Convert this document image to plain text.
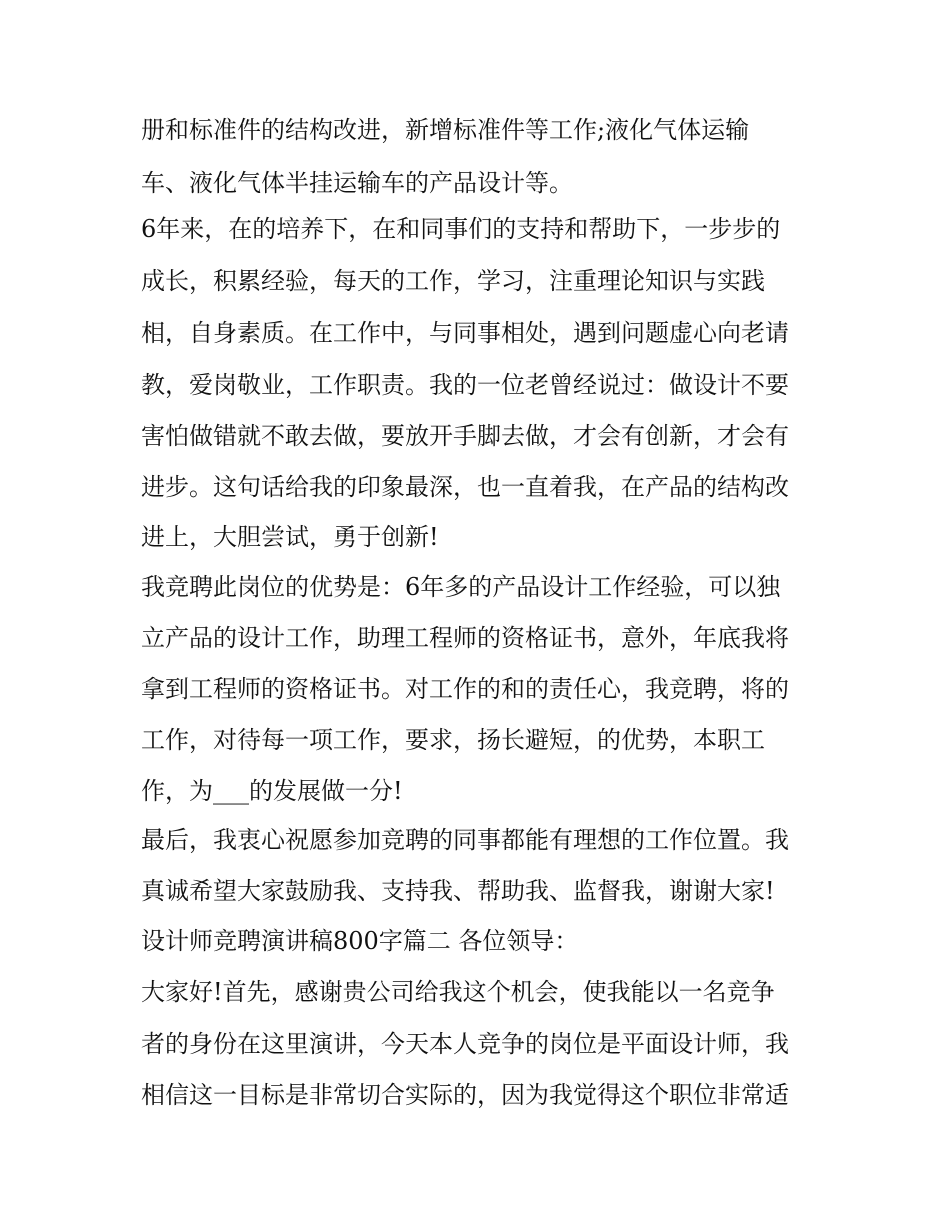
册和标准件的结构改进，新增标准件等工作;液化气体运输
车、液化气体半挂运输车的产品设计等。
6年来，在的培养下，在和同事们的支持和帮助下，一步步的
成长，积累经验，每天的工作，学习，注重理论知识与实践
相，自身素质。在工作中，与同事相处，遇到问题虚心向老请
教，爱岗敬业，工作职责。我的一位老曾经说过：做设计不要
害怕做错就不敢去做，要放开手脚去做，才会有创新，才会有
进步。这句话给我的印象最深，也一直着我，在产品的结构改
进上，大胆尝试，勇于创新!
我竞聘此岗位的优势是：6年多的产品设计工作经验，可以独
立产品的设计工作，助理工程师的资格证书，意外，年底我将
拿到工程师的资格证书。对工作的和的责任心，我竞聘，将的
工作，对待每一项工作，要求，扬长避短，的优势，本职工
作，为___的发展做一分!
最后，我衷心祝愿参加竞聘的同事都能有理想的工作位置。我
真诚希望大家鼓励我、支持我、帮助我、监督我，谢谢大家!
设计师竞聘演讲稿800字篇二 各位领导：
大家好!首先，感谢贵公司给我这个机会，使我能以一名竞争
者的身份在这里演讲，今天本人竞争的岗位是平面设计师，我
相信这一目标是非常切合实际的，因为我觉得这个职位非常适
